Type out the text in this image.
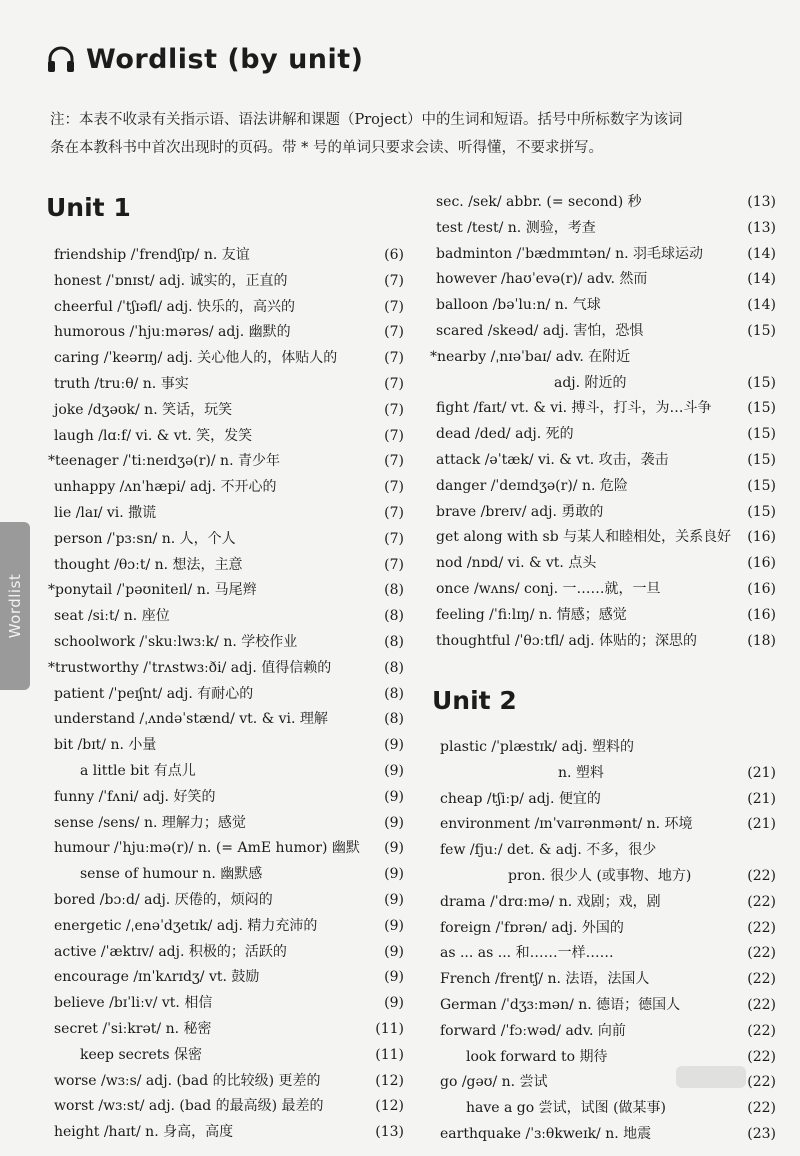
Wordlist (by unit)
注：本表不收录有关指示语、语法讲解和课题（Project）中的生词和短语。括号中所标数字为该词
条在本教科书中首次出现时的页码。带 * 号的单词只要求会读、听得懂，不要求拼写。
Unit 1
Unit 2
friendship /ˈfrendʃɪp/ n. 友谊	(6)
honest /ˈɒnɪst/ adj. 诚实的，正直的	(7)
cheerful /ˈtʃɪəfl/ adj. 快乐的，高兴的	(7)
humorous /ˈhjuːmərəs/ adj. 幽默的	(7)
caring /ˈkeərɪŋ/ adj. 关心他人的，体贴人的	(7)
truth /truːθ/ n. 事实	(7)
joke /dʒəʊk/ n. 笑话，玩笑	(7)
laugh /lɑːf/ vi. & vt. 笑，发笑	(7)
*teenager /ˈtiːneɪdʒə(r)/ n. 青少年	(7)
unhappy /ʌnˈhæpi/ adj. 不开心的	(7)
lie /laɪ/ vi. 撒谎	(7)
person /ˈpɜːsn/ n. 人，个人	(7)
thought /θɔːt/ n. 想法，主意	(7)
*ponytail /ˈpəʊniteɪl/ n. 马尾辫	(8)
seat /siːt/ n. 座位	(8)
schoolwork /ˈskuːlwɜːk/ n. 学校作业	(8)
*trustworthy /ˈtrʌstwɜːði/ adj. 值得信赖的	(8)
patient /ˈpeɪʃnt/ adj. 有耐心的	(8)
understand /ˌʌndəˈstænd/ vt. & vi. 理解	(8)
bit /bɪt/ n. 小量	(9)
a little bit 有点儿	(9)
funny /ˈfʌni/ adj. 好笑的	(9)
sense /sens/ n. 理解力；感觉	(9)
humour /ˈhjuːmə(r)/ n. (= AmE humor) 幽默 (9)
sense of humour n. 幽默感	(9)
bored /bɔːd/ adj. 厌倦的，烦闷的	(9)
energetic /ˌenəˈdʒetɪk/ adj. 精力充沛的	(9)
active /ˈæktɪv/ adj. 积极的；活跃的	(9)
encourage /ɪnˈkʌrɪdʒ/ vt. 鼓励	(9)
believe /bɪˈliːv/ vt. 相信	(9)
secret /ˈsiːkrət/ n. 秘密	(11)
keep secrets 保密	(11)
worse /wɜːs/ adj. (bad 的比较级) 更差的	(12)
worst /wɜːst/ adj. (bad 的最高级) 最差的	(12)
height /haɪt/ n. 身高，高度	(13)
sec. /sek/ abbr. (= second) 秒	(13)
test /test/ n. 测验，考查	(13)
badminton /ˈbædmɪntən/ n. 羽毛球运动	(14)
however /haʊˈevə(r)/ adv. 然而	(14)
balloon /bəˈluːn/ n. 气球	(14)
scared /skeəd/ adj. 害怕，恐惧	(15)
*nearby /ˌnɪəˈbaɪ/ adv. 在附近
adj. 附近的	(15)
fight /faɪt/ vt. & vi. 搏斗，打斗，为…斗争	(15)
dead /ded/ adj. 死的	(15)
attack /əˈtæk/ vi. & vt. 攻击，袭击	(15)
danger /ˈdeɪndʒə(r)/ n. 危险	(15)
brave /breɪv/ adj. 勇敢的	(15)
get along with sb 与某人和睦相处，关系良好 (16)
nod /nɒd/ vi. & vt. 点头	(16)
once /wʌns/ conj. 一……就，一旦	(16)
feeling /ˈfiːlɪŋ/ n. 情感；感觉	(16)
thoughtful /ˈθɔːtfl/ adj. 体贴的；深思的	(18)
plastic /ˈplæstɪk/ adj. 塑料的
n. 塑料	(21)
cheap /tʃiːp/ adj. 便宜的	(21)
environment /ɪnˈvaɪrənmənt/ n. 环境	(21)
few /fjuː/ det. & adj. 不多，很少
pron. 很少人 (或事物、地方)	(22)
drama /ˈdrɑːmə/ n. 戏剧；戏，剧	(22)
foreign /ˈfɒrən/ adj. 外国的	(22)
as ... as ... 和……一样……	(22)
French /frentʃ/ n. 法语，法国人	(22)
German /ˈdʒɜːmən/ n. 德语；德国人	(22)
forward /ˈfɔːwəd/ adv. 向前	(22)
look forward to 期待	(22)
go /gəʊ/ n. 尝试	(22)
have a go 尝试，试图 (做某事)	(22)
earthquake /ˈɜːθkweɪk/ n. 地震	(23)
Wordlist
